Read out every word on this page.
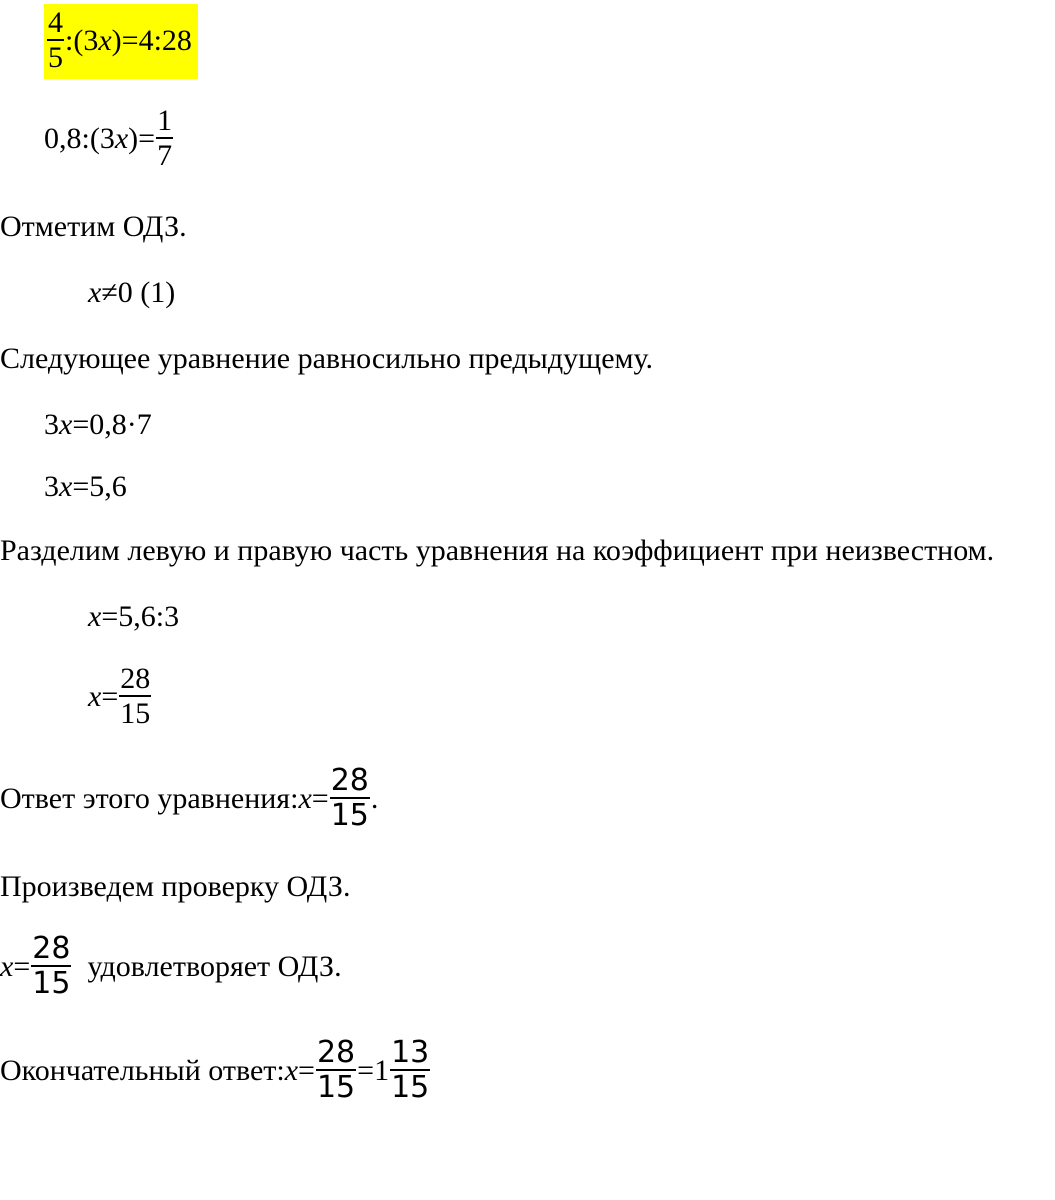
$\frac{4}{5}$ :(3 x )=4:28
0,8:(3 x )= $\frac{1}{7}$
Отметим ОДЗ.
x ≠0 (1)
Следующее уравнение равносильно предыдущему.
3 x =0,8·7
3 x =5,6
Разделим левую и правую часть уравнения на коэффициент при неизвестном.
x =5,6:3
$x = \frac{28}{15}$
Ответ этого уравнения: $x = \frac{28}{15}$ .
Произведем проверку ОДЗ.
$x = \frac{28}{15}$ удовлетворяет ОДЗ.
Окончательный ответ: $x = \frac{28}{15} =1 \frac{13}{15}$
